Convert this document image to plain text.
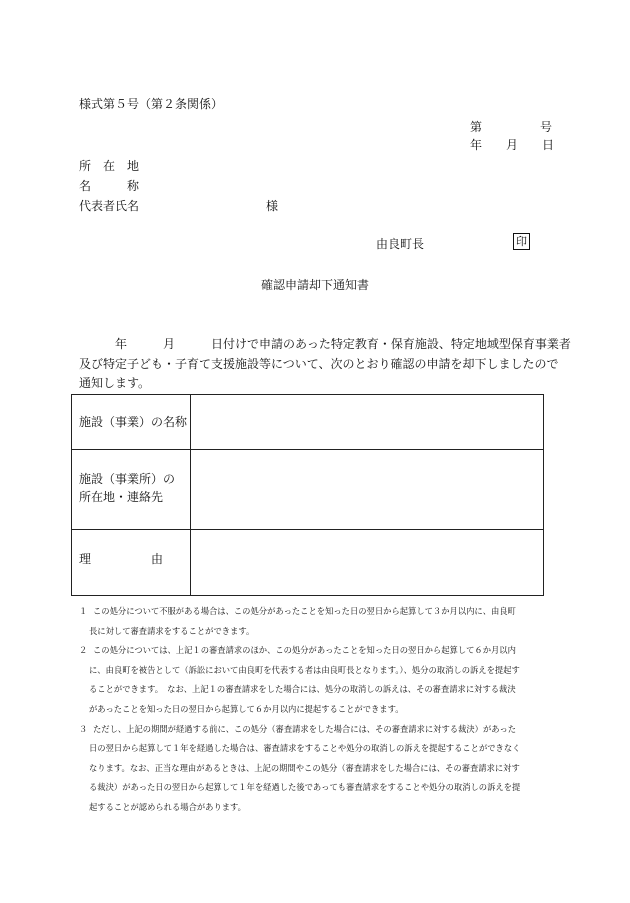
様式第５号（第２条関係）
第	号
年 月 日
所　在　地
名　　　称
代表者氏名	様
由良町長	印
確認申請却下通知書
　　　年　　　月　　　日付けで申請のあった特定教育・保育施設、特定地域型保育事業者
及び特定子ども・子育て支援施設等について、次のとおり確認の申請を却下しましたので
通知します。
施設（事業）の名称
施設（事業所）の
所在地・連絡先
理　　　　　由
１ この処分について不服がある場合は、この処分があったことを知った日の翌日から起算して３か月以内に、由良町
長に対して審査請求をすることができます。
２ この処分については、上記１の審査請求のほか、この処分があったことを知った日の翌日から起算して６か月以内
に、由良町を被告として（訴訟において由良町を代表する者は由良町長となります。）、処分の取消しの訴えを提起す
ることができます。　なお、上記１の審査請求をした場合には、処分の取消しの訴えは、その審査請求に対する裁決
があったことを知った日の翌日から起算して６か月以内に提起することができます。
３ ただし、上記の期間が経過する前に、この処分（審査請求をした場合には、その審査請求に対する裁決）があった
日の翌日から起算して１年を経過した場合は、審査請求をすることや処分の取消しの訴えを提起することができなく
なります。なお、正当な理由があるときは、上記の期間やこの処分（審査請求をした場合には、その審査請求に対す
る裁決）があった日の翌日から起算して１年を経過した後であっても審査請求をすることや処分の取消しの訴えを提
起することが認められる場合があります。
